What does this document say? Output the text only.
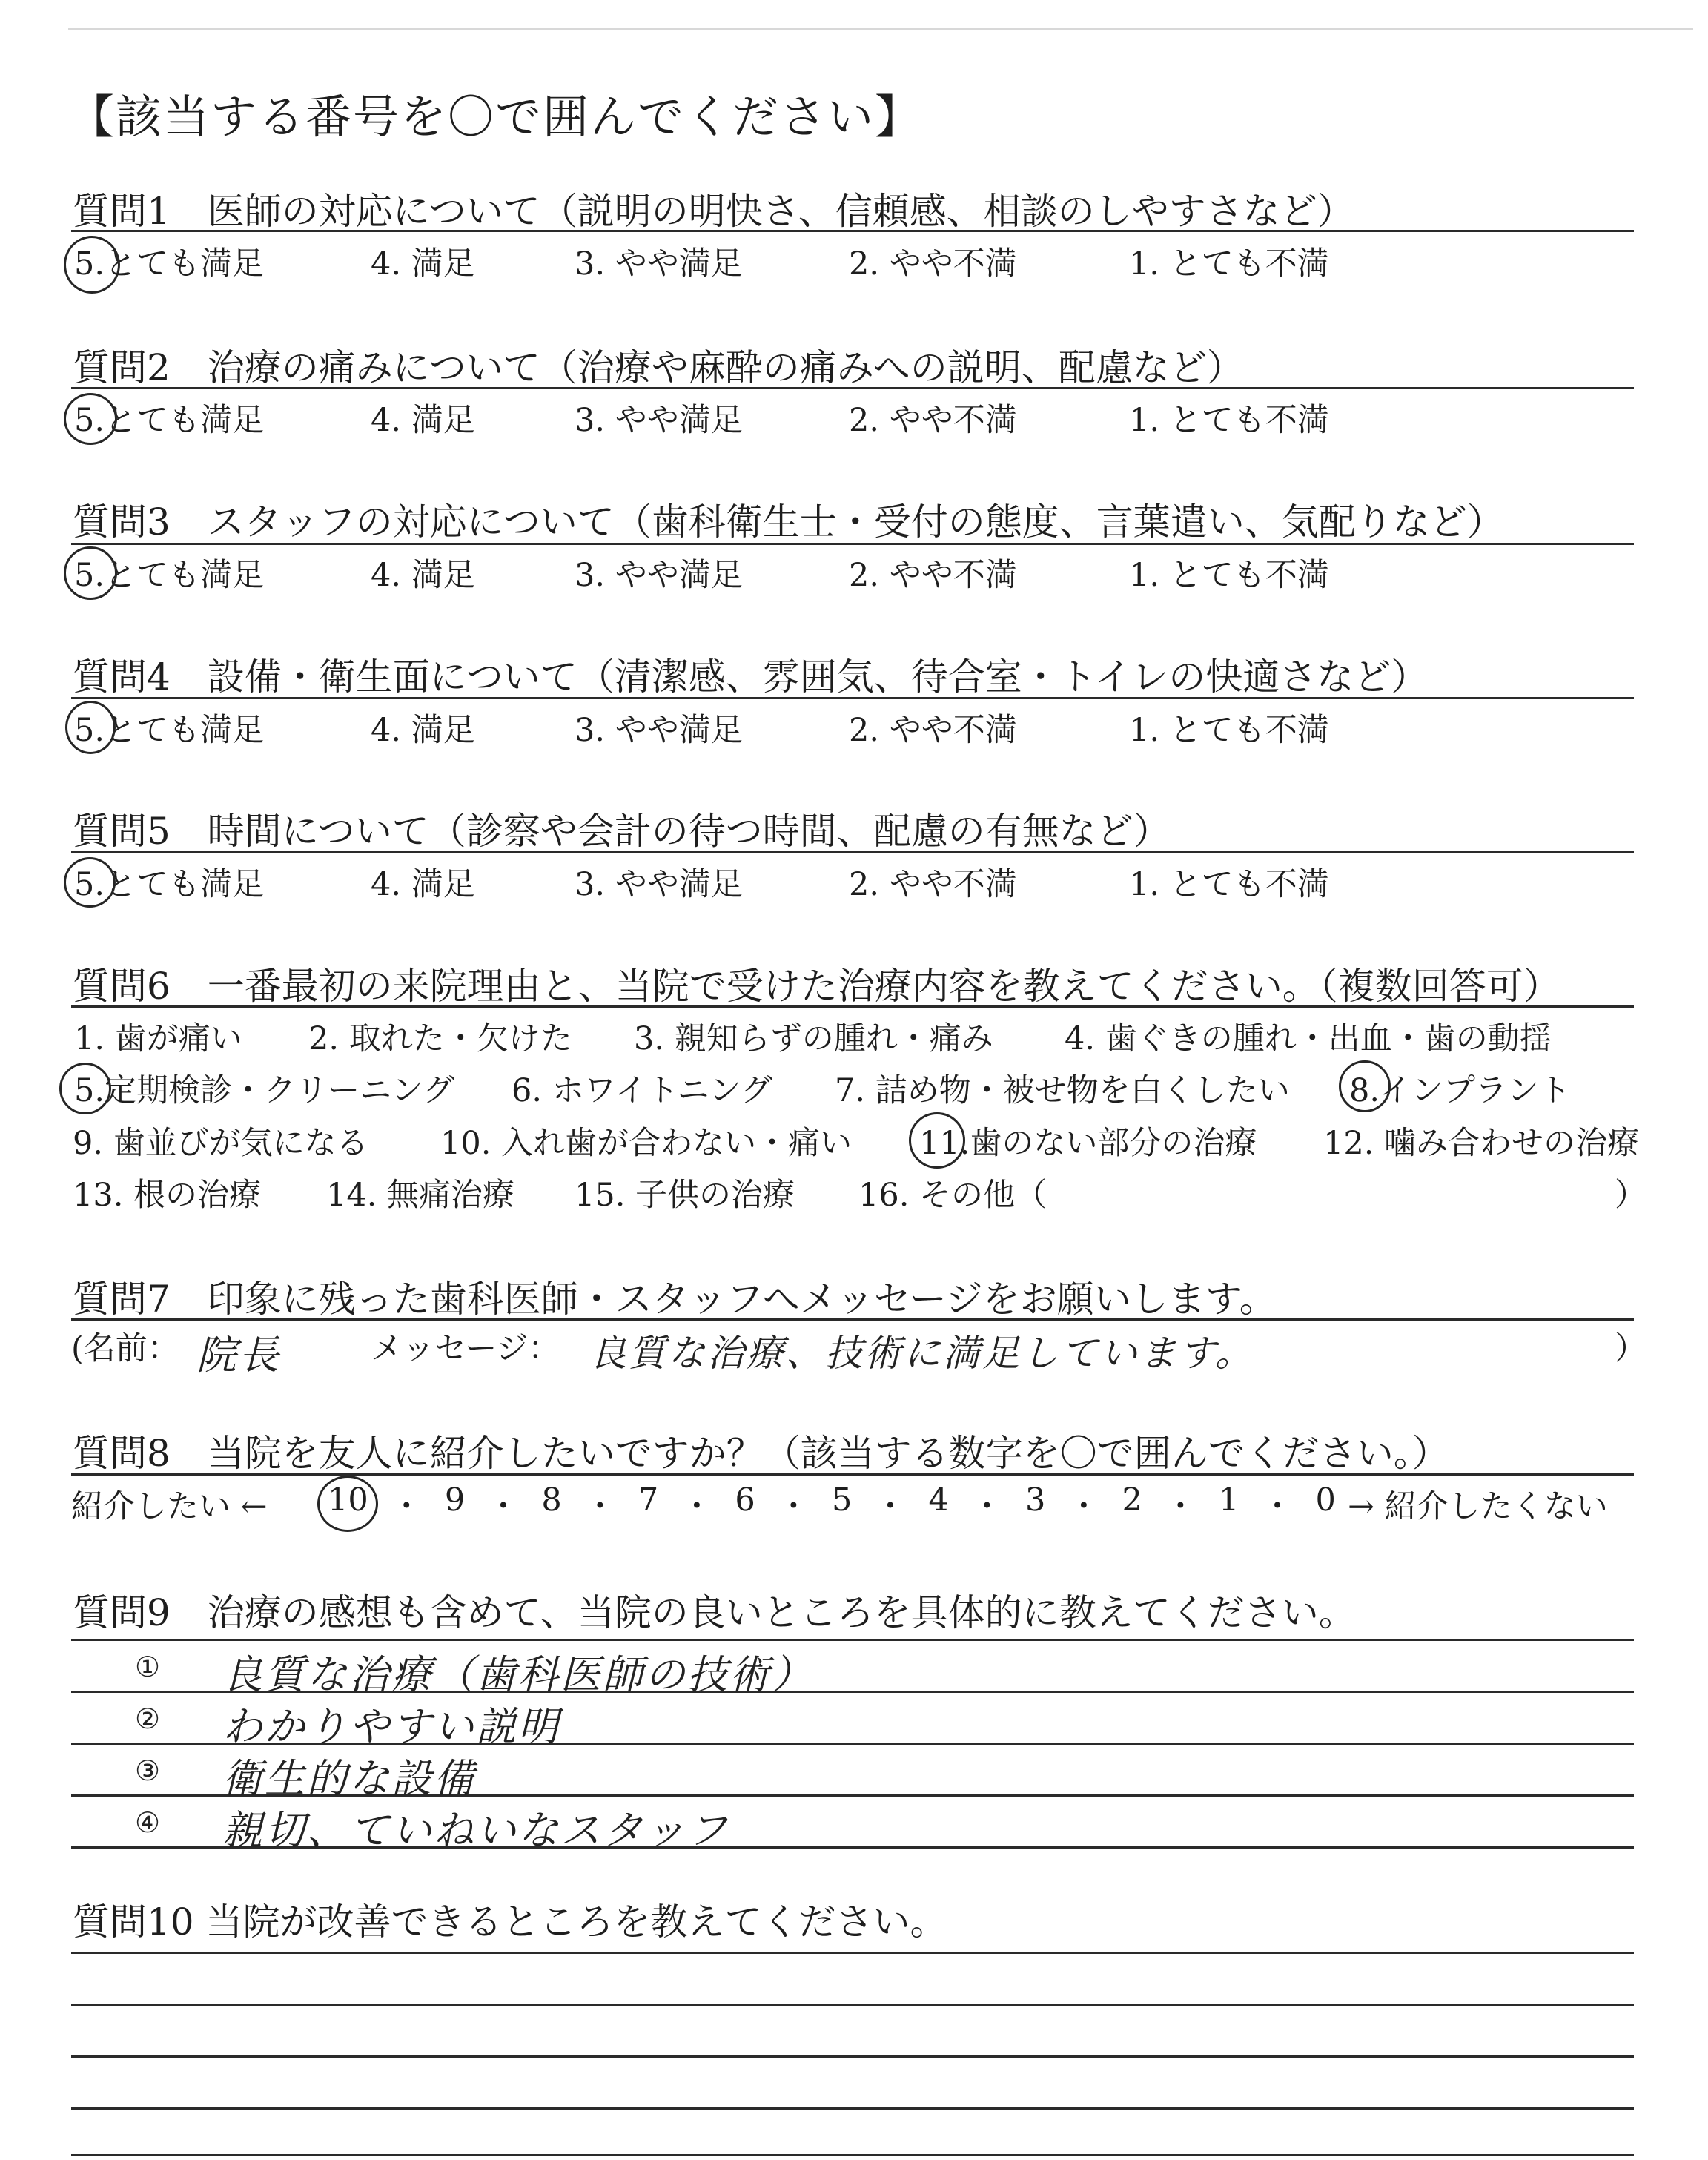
【該当する番号を〇で囲んでください】
質問1　医師の対応について（説明の明快さ、信頼感、相談のしやすさなど）
5.とても満足	4. 満足	3. やや満足	2. やや不満	1. とても不満
質問2　治療の痛みについて（治療や麻酔の痛みへの説明、配慮など）
5.とても満足	4. 満足	3. やや満足	2. やや不満	1. とても不満
質問3　スタッフの対応について（歯科衛生士・受付の態度、言葉遣い、気配りなど）
5.とても満足	4. 満足	3. やや満足	2. やや不満	1. とても不満
質問4　設備・衛生面について（清潔感、雰囲気、待合室・トイレの快適さなど）
5.とても満足	4. 満足	3. やや満足	2. やや不満	1. とても不満
質問5　時間について（診察や会計の待つ時間、配慮の有無など）
5.とても満足	4. 満足	3. やや満足	2. やや不満	1. とても不満
質問6　一番最初の来院理由と、当院で受けた治療内容を教えてください。（複数回答可）
1. 歯が痛い 2. 取れた・欠けた 3. 親知らずの腫れ・痛み 4. 歯ぐきの腫れ・出血・歯の動揺
5.定期検診・クリーニング 6. ホワイトニング 7. 詰め物・被せ物を白くしたい 8.インプラント
9. 歯並びが気になる 10. 入れ歯が合わない・痛い 11.歯のない部分の治療 12. 噛み合わせの治療
13. 根の治療 14. 無痛治療 15. 子供の治療 16. その他（	）
質問7　印象に残った歯科医師・スタッフへメッセージをお願いします。
(名前： 院長	メッセージ： 良質な治療、技術に満足しています。	）
質問8　当院を友人に紹介したいですか？（該当する数字を〇で囲んでください。）
紹介したい ← 10 ・ 9 ・ 8 ・ 7 ・ 6 ・ 5 ・ 4 ・ 3 ・ 2 ・ 1 ・ 0 → 紹介したくない
質問9　治療の感想も含めて、当院の良いところを具体的に教えてください。
① 良質な治療（歯科医師の技術）
② わかりやすい説明
③ 衛生的な設備
④ 親切、ていねいなスタッフ
質問10 当院が改善できるところを教えてください。
